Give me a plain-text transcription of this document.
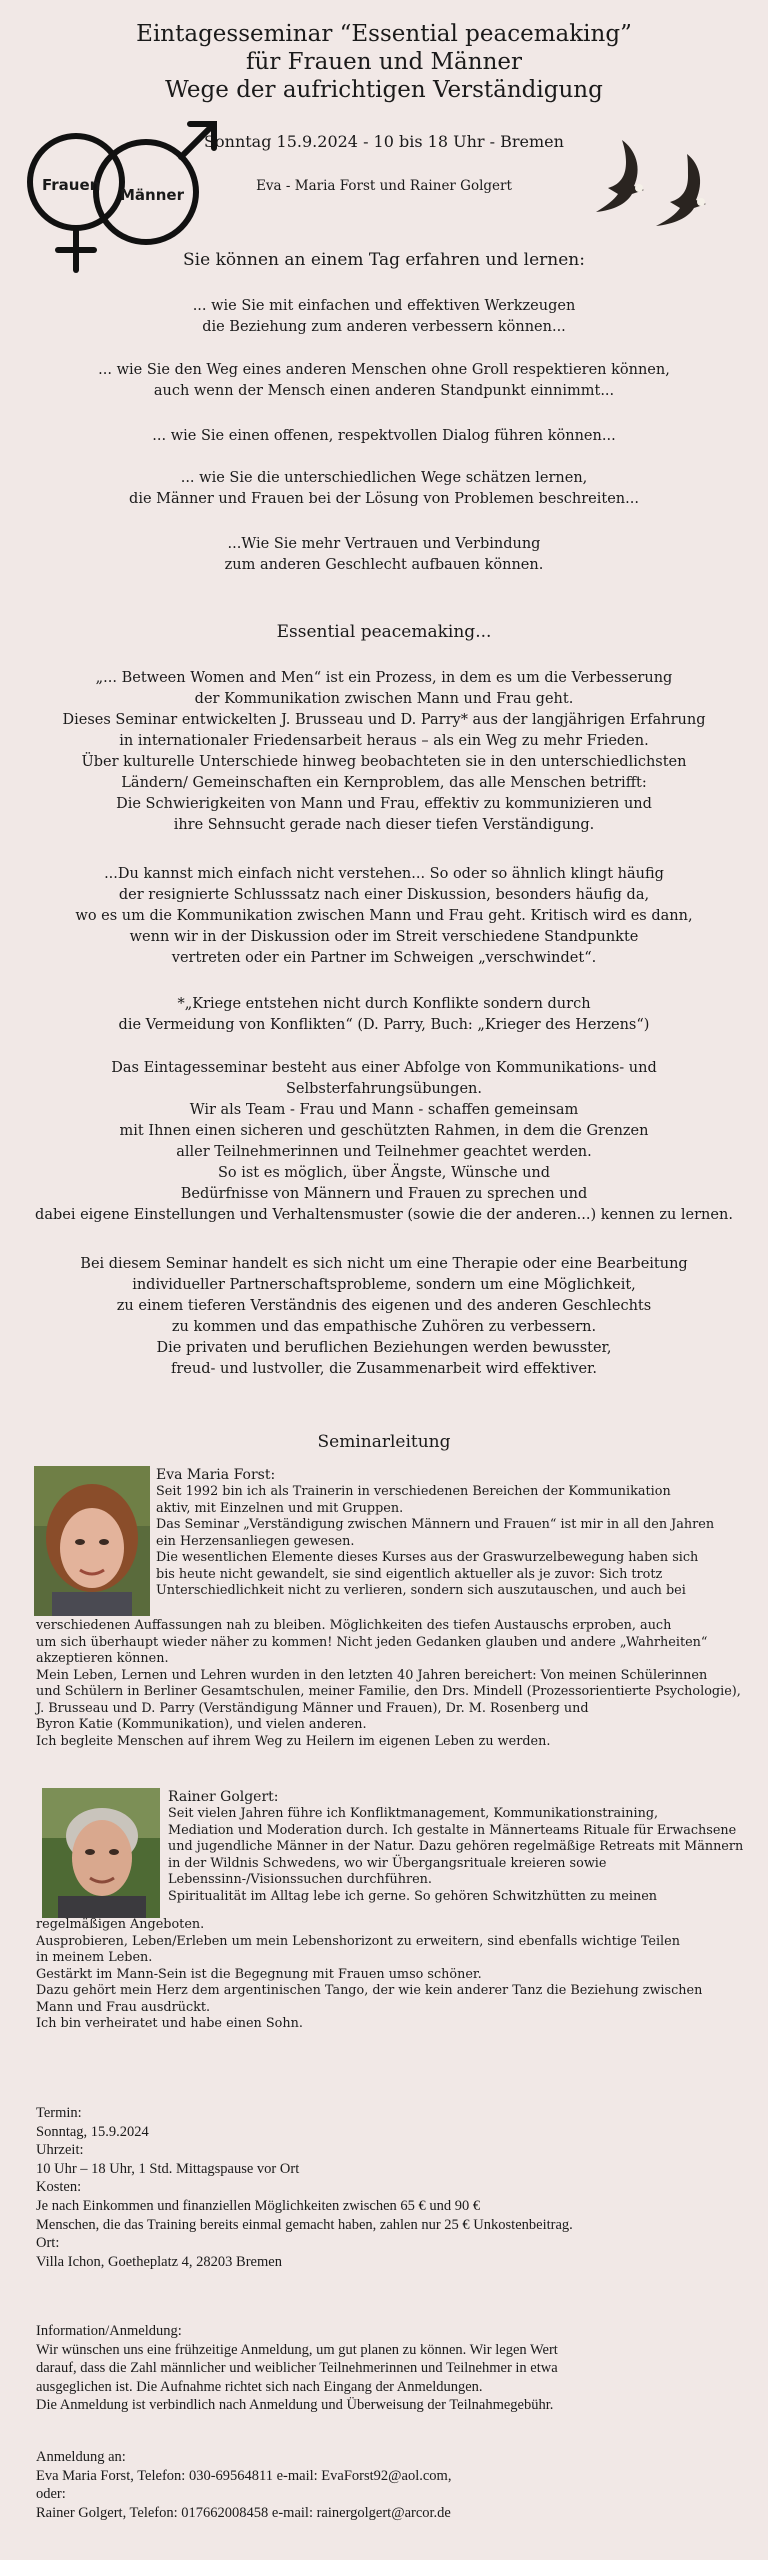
Eintagesseminar “Essential peacemaking”
für Frauen und Männer
Wege der aufrichtigen Verständigung
Sonntag 15.9.2024 - 10 bis 18 Uhr - Bremen
Eva - Maria Forst und Rainer Golgert
Frauen
Männer
Sie können an einem Tag erfahren und lernen:
... wie Sie mit einfachen und effektiven Werkzeugen
die Beziehung zum anderen verbessern können...
... wie Sie den Weg eines anderen Menschen ohne Groll respektieren können,
auch wenn der Mensch einen anderen Standpunkt einnimmt...
... wie Sie einen offenen, respektvollen Dialog führen können...
... wie Sie die unterschiedlichen Wege schätzen lernen,
die Männer und Frauen bei der Lösung von Problemen beschreiten...
...Wie Sie mehr Vertrauen und Verbindung
zum anderen Geschlecht aufbauen können.
Essential peacemaking...
„... Between Women and Men“ ist ein Prozess, in dem es um die Verbesserung
der Kommunikation zwischen Mann und Frau geht.
Dieses Seminar entwickelten J. Brusseau und D. Parry* aus der langjährigen Erfahrung
in internationaler Friedensarbeit heraus – als ein Weg zu mehr Frieden.
Über kulturelle Unterschiede hinweg beobachteten sie in den unterschiedlichsten
Ländern/ Gemeinschaften ein Kernproblem, das alle Menschen betrifft:
Die Schwierigkeiten von Mann und Frau, effektiv zu kommunizieren und
ihre Sehnsucht gerade nach dieser tiefen Verständigung.
...Du kannst mich einfach nicht verstehen... So oder so ähnlich klingt häufig
der resignierte Schlusssatz nach einer Diskussion, besonders häufig da,
wo es um die Kommunikation zwischen Mann und Frau geht. Kritisch wird es dann,
wenn wir in der Diskussion oder im Streit verschiedene Standpunkte
vertreten oder ein Partner im Schweigen „verschwindet“.
*„Kriege entstehen nicht durch Konflikte sondern durch
die Vermeidung von Konflikten“ (D. Parry, Buch: „Krieger des Herzens“)
Das Eintagesseminar besteht aus einer Abfolge von Kommunikations- und
Selbsterfahrungsübungen.
Wir als Team - Frau und Mann - schaffen gemeinsam
mit Ihnen einen sicheren und geschützten Rahmen, in dem die Grenzen
aller Teilnehmerinnen und Teilnehmer geachtet werden.
So ist es möglich, über Ängste, Wünsche und
Bedürfnisse von Männern und Frauen zu sprechen und
dabei eigene Einstellungen und Verhaltensmuster (sowie die der anderen...) kennen zu lernen.
Bei diesem Seminar handelt es sich nicht um eine Therapie oder eine Bearbeitung
individueller Partnerschaftsprobleme, sondern um eine Möglichkeit,
zu einem tieferen Verständnis des eigenen und des anderen Geschlechts
zu kommen und das empathische Zuhören zu verbessern.
Die privaten und beruflichen Beziehungen werden bewusster,
freud- und lustvoller, die Zusammenarbeit wird effektiver.
Seminarleitung
Eva Maria Forst:
Seit 1992 bin ich als Trainerin in verschiedenen Bereichen der Kommunikation
aktiv, mit Einzelnen und mit Gruppen.
Das Seminar „Verständigung zwischen Männern und Frauen“ ist mir in all den Jahren
ein Herzensanliegen gewesen.
Die wesentlichen Elemente dieses Kurses aus der Graswurzelbewegung haben sich
bis heute nicht gewandelt, sie sind eigentlich aktueller als je zuvor: Sich trotz
Unterschiedlichkeit nicht zu verlieren, sondern sich auszutauschen, und auch bei
verschiedenen Auffassungen nah zu bleiben. Möglichkeiten des tiefen Austauschs erproben, auch
um sich überhaupt wieder näher zu kommen! Nicht jeden Gedanken glauben und andere „Wahrheiten“
akzeptieren können.
Mein Leben, Lernen und Lehren wurden in den letzten 40 Jahren bereichert: Von meinen Schülerinnen
und Schülern in Berliner Gesamtschulen, meiner Familie, den Drs. Mindell (Prozessorientierte Psychologie),
J. Brusseau und D. Parry (Verständigung Männer und Frauen), Dr. M. Rosenberg und
Byron Katie (Kommunikation), und vielen anderen.
Ich begleite Menschen auf ihrem Weg zu Heilern im eigenen Leben zu werden.
Rainer Golgert:
Seit vielen Jahren führe ich Konfliktmanagement, Kommunikationstraining,
Mediation und Moderation durch. Ich gestalte in Männerteams Rituale für Erwachsene
und jugendliche Männer in der Natur. Dazu gehören regelmäßige Retreats mit Männern
in der Wildnis Schwedens, wo wir Übergangsrituale kreieren sowie
Lebenssinn-/Visionssuchen durchführen.
Spiritualität im Alltag lebe ich gerne. So gehören Schwitzhütten zu meinen
regelmäßigen Angeboten.
Ausprobieren, Leben/Erleben um mein Lebenshorizont zu erweitern, sind ebenfalls wichtige Teilen
in meinem Leben.
Gestärkt im Mann-Sein ist die Begegnung mit Frauen umso schöner.
Dazu gehört mein Herz dem argentinischen Tango, der wie kein anderer Tanz die Beziehung zwischen
Mann und Frau ausdrückt.
Ich bin verheiratet und habe einen Sohn.
Termin:
Sonntag, 15.9.2024
Uhrzeit:
10 Uhr – 18 Uhr, 1 Std. Mittagspause vor Ort
Kosten:
Je nach Einkommen und finanziellen Möglichkeiten zwischen 65 € und 90 €
Menschen, die das Training bereits einmal gemacht haben, zahlen nur 25 € Unkostenbeitrag.
Ort:
Villa Ichon, Goetheplatz 4, 28203 Bremen
Information/Anmeldung:
Wir wünschen uns eine frühzeitige Anmeldung, um gut planen zu können. Wir legen Wert
darauf, dass die Zahl männlicher und weiblicher Teilnehmerinnen und Teilnehmer in etwa
ausgeglichen ist. Die Aufnahme richtet sich nach Eingang der Anmeldungen.
Die Anmeldung ist verbindlich nach Anmeldung und Überweisung der Teilnahmegebühr.
Anmeldung an:
Eva Maria Forst, Telefon: 030-69564811 e-mail: EvaForst92@aol.com,
oder:
Rainer Golgert, Telefon: 017662008458 e-mail: rainergolgert@arcor.de
